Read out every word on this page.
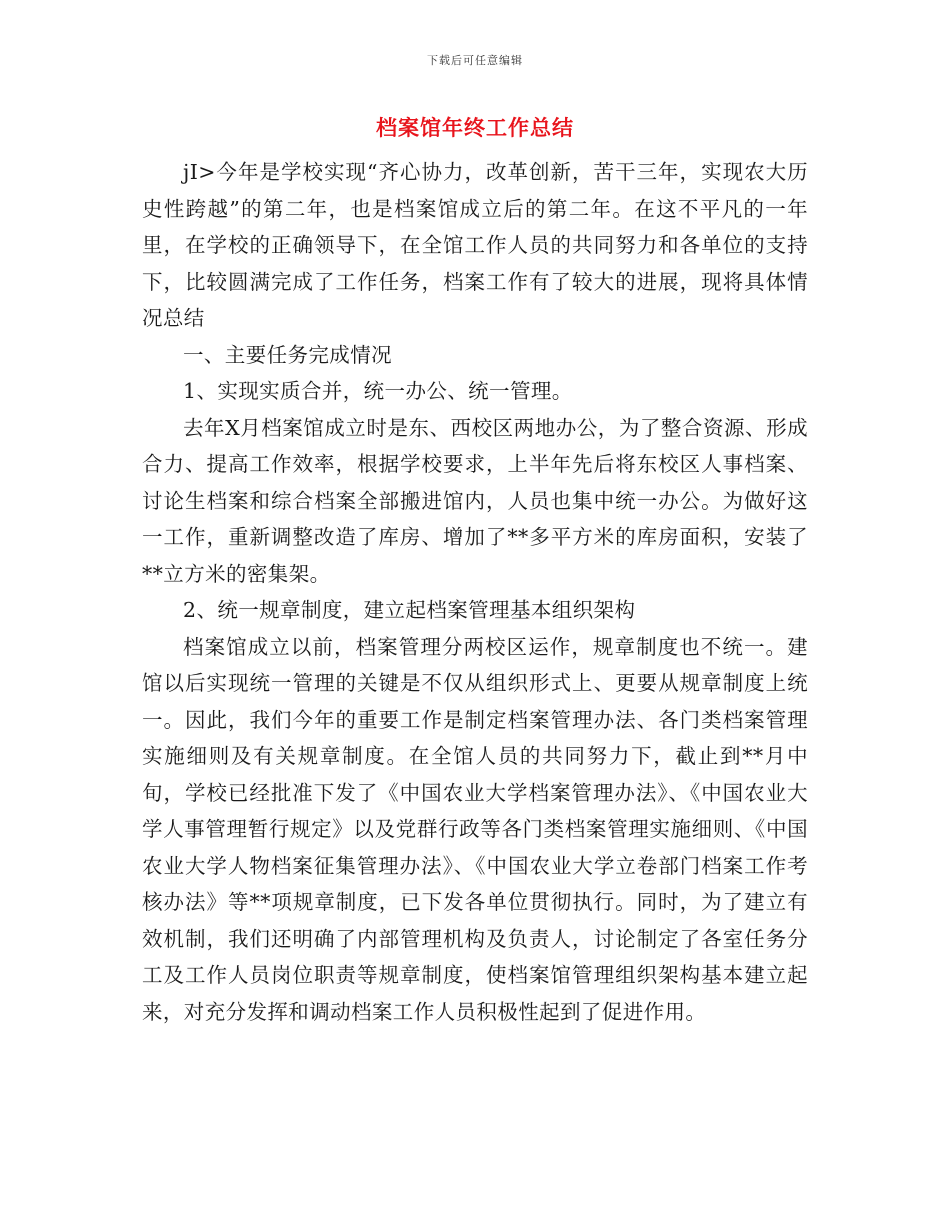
下载后可任意编辑
档案馆年终工作总结

jI>今年是学校实现“齐心协力，改革创新，苦干三年，实现农大历史性跨越”的第二年，也是档案馆成立后的第二年。在这不平凡的一年里，在学校的正确领导下，在全馆工作人员的共同努力和各单位的支持下，比较圆满完成了工作任务，档案工作有了较大的进展，现将具体情况总结

一、主要任务完成情况

1、实现实质合并，统一办公、统一管理。

去年X月档案馆成立时是东、西校区两地办公，为了整合资源、形成合力、提高工作效率，根据学校要求，上半年先后将东校区人事档案、讨论生档案和综合档案全部搬进馆内，人员也集中统一办公。为做好这一工作，重新调整改造了库房、增加了**多平方米的库房面积，安装了**立方米的密集架。

2、统一规章制度，建立起档案管理基本组织架构

档案馆成立以前，档案管理分两校区运作，规章制度也不统一。建馆以后实现统一管理的关键是不仅从组织形式上、更要从规章制度上统一。因此，我们今年的重要工作是制定档案管理办法、各门类档案管理实施细则及有关规章制度。在全馆人员的共同努力下，截止到**月中旬，学校已经批准下发了《中国农业大学档案管理办法》、《中国农业大学人事管理暂行规定》以及党群行政等各门类档案管理实施细则、《中国农业大学人物档案征集管理办法》、《中国农业大学立卷部门档案工作考核办法》等**项规章制度，已下发各单位贯彻执行。同时，为了建立有效机制，我们还明确了内部管理机构及负责人，讨论制定了各室任务分工及工作人员岗位职责等规章制度，使档案馆管理组织架构基本建立起来，对充分发挥和调动档案工作人员积极性起到了促进作用。
